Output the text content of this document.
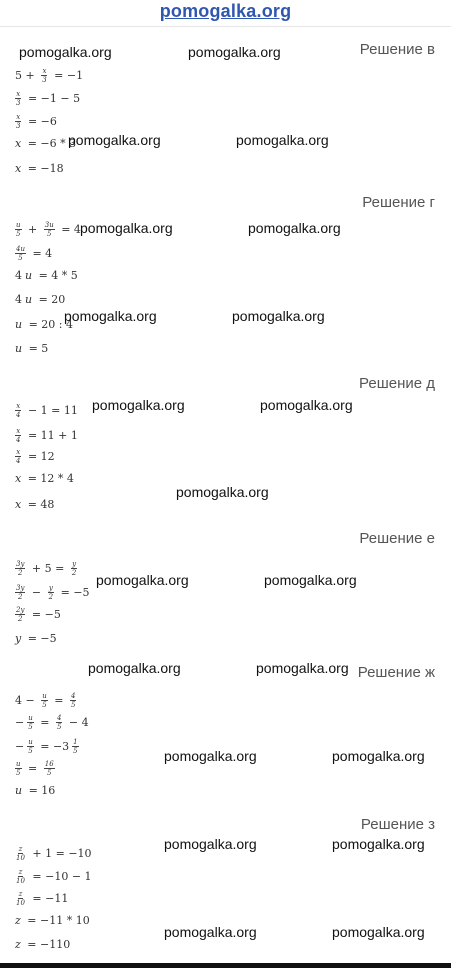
pomogalka.org
Решение в
$5 + \frac{x}{3} = -1$
$\frac{x}{3} = -1 - 5$
$\frac{x}{3} = -6$
x = −6 * 3
x = −18
Решение г
$\frac{u}{5} + \frac{3u}{5} = 4$
$\frac{4u}{5} = 4$
4 u = 4 * 5
4 u = 20
u = 20 : 4
u = 5
Решение д
$\frac{x}{4} - 1 = 11$
$\frac{x}{4} = 11 + 1$
$\frac{x}{4} = 12$
x = 12 * 4
x = 48
Решение е
$\frac{3y}{2} + 5 = \frac{y}{2}$
$\frac{3y}{2} - \frac{y}{2} = -5$
$\frac{2y}{2} = -5$
y = −5
Решение ж
$4 - \frac{u}{5} = \frac{4}{5}$
− $\frac{u}{5} = \frac{4}{5} - 4$
− $\frac{u}{5} = -3 \frac{1}{5}$
$\frac{u}{5} = \frac{16}{5}$
u = 16
Решение з
$\frac{z}{10} + 1 = -10$
$\frac{z}{10} = -10 - 1$
$\frac{z}{10} = -11$
z = −11 * 10
z = −110
pomogalka.org	pomogalka.org
pomogalka.org	pomogalka.org
pomogalka.org	pomogalka.org
pomogalka.org	pomogalka.org
pomogalka.org	pomogalka.org
pomogalka.org
pomogalka.org	pomogalka.org
pomogalka.org	pomogalka.org
pomogalka.org	pomogalka.org
pomogalka.org	pomogalka.org
pomogalka.org	pomogalka.org
